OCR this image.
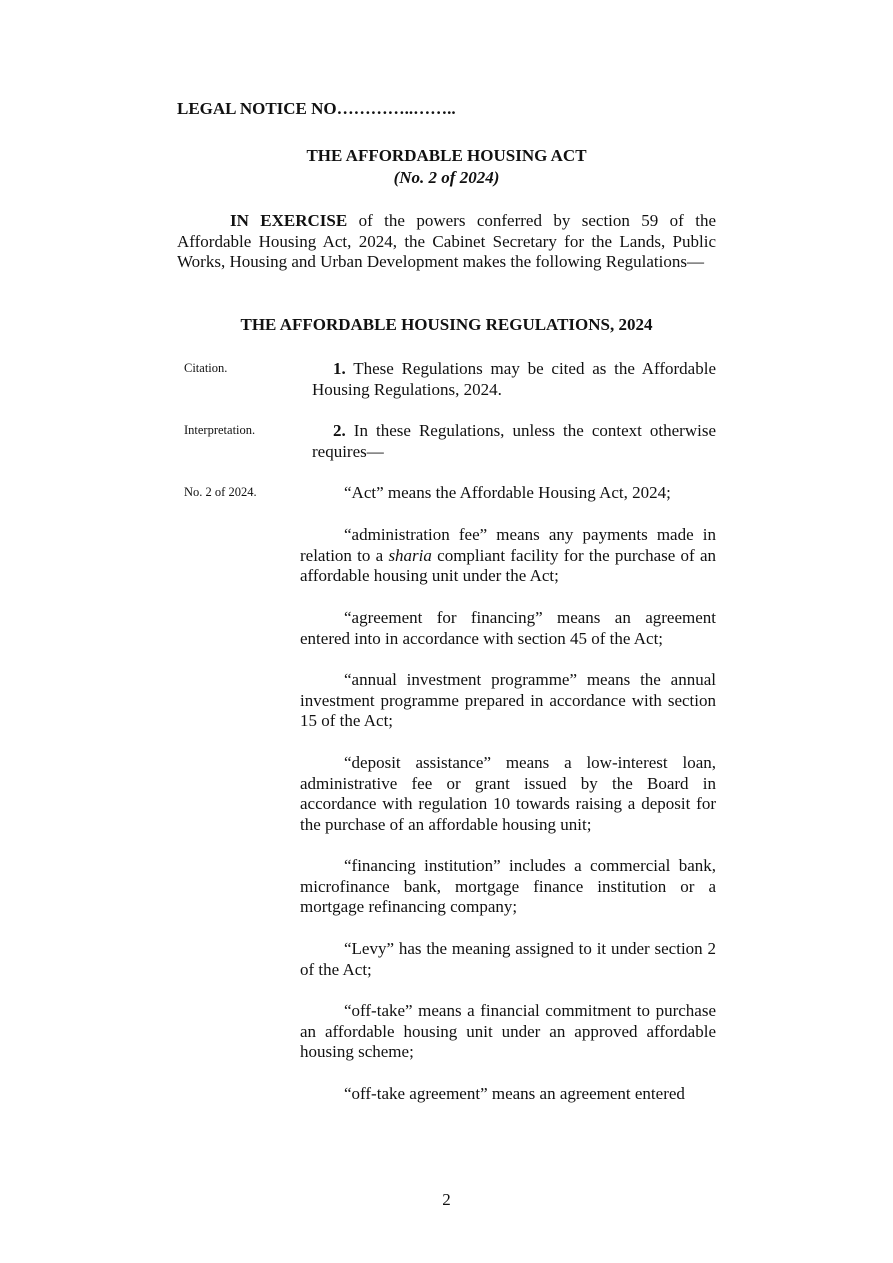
LEGAL NOTICE NO…………..……..
THE AFFORDABLE HOUSING ACT
(No. 2 of 2024)

IN EXERCISE of the powers conferred by section 59 of the Affordable Housing Act, 2024, the Cabinet Secretary for the Lands, Public Works, Housing and Urban Development makes the following Regulations—

THE AFFORDABLE HOUSING REGULATIONS, 2024
Citation.	1. These Regulations may be cited as the Affordable Housing Regulations, 2024.

Interpretation.	2. In these Regulations, unless the context otherwise requires—

No. 2 of 2024.	“Act” means the Affordable Housing Act, 2024;

“administration fee” means any payments made in relation to a sharia compliant facility for the purchase of an affordable housing unit under the Act;

“agreement for financing” means an agreement entered into in accordance with section 45 of the Act;

“annual investment programme” means the annual investment programme prepared in accordance with section 15 of the Act;

“deposit assistance” means a low-interest loan, administrative fee or grant issued by the Board in accordance with regulation 10 towards raising a deposit for the purchase of an affordable housing unit;

“financing institution” includes a commercial bank, microfinance bank, mortgage finance institution or a mortgage refinancing company;

“Levy” has the meaning assigned to it under section 2 of the Act;

“off-take” means a financial commitment to purchase an affordable housing unit under an approved affordable housing scheme;

“off-take agreement” means an agreement entered

2
